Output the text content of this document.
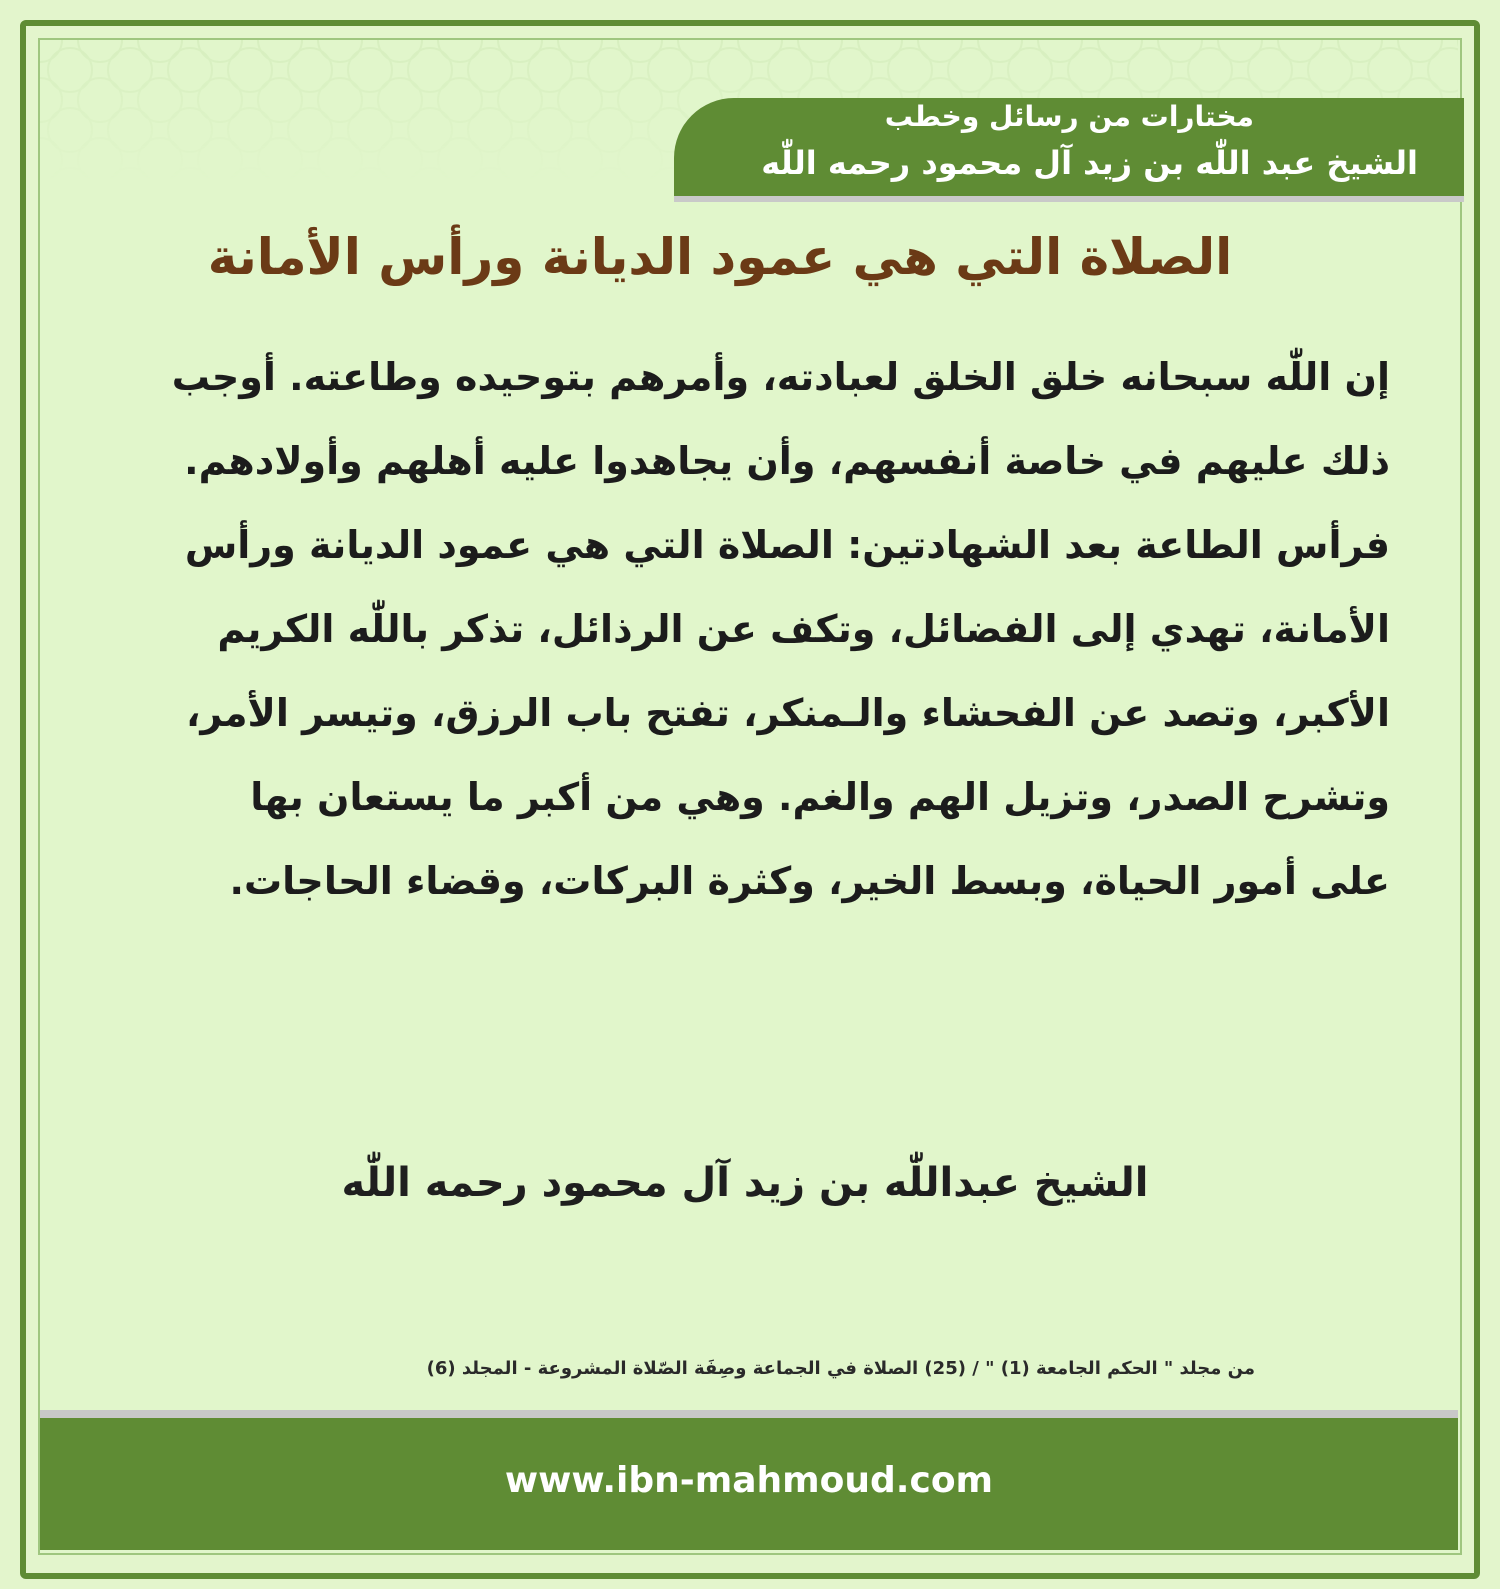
مختارات من رسائل وخطب
الشيخ عبد اللّٰه بن زيد آل محمود رحمه اللّٰه
الصلاة التي هي عمود الديانة ورأس الأمانة

إن اللّٰه سبحانه خلق الخلق لعبادته، وأمرهم بتوحيده وطاعته. أوجب ذلك عليهم في خاصة أنفسهم، وأن يجاهدوا عليه أهلهم وأولادهم.

فرأس الطاعة بعد الشهادتين: الصلاة التي هي عمود الديانة ورأس الأمانة، تهدي إلى الفضائل، وتكف عن الرذائل، تذكر باللّٰه الكريم الأكبر، وتصد عن الفحشاء والـمنكر، تفتح باب الرزق، وتيسر الأمر، وتشرح الصدر، وتزيل الهم والغم. وهي من أكبر ما يستعان بها على أمور الحياة، وبسط الخير، وكثرة البركات، وقضاء الحاجات.

الشيخ عبداللّٰه بن زيد آل محمود رحمه اللّٰه
من مجلد " الحكم الجامعة (1) " / (25) الصلاة في الجماعة وصِفَة الصّلاة المشروعة - المجلد (6)
www.ibn-mahmoud.com
